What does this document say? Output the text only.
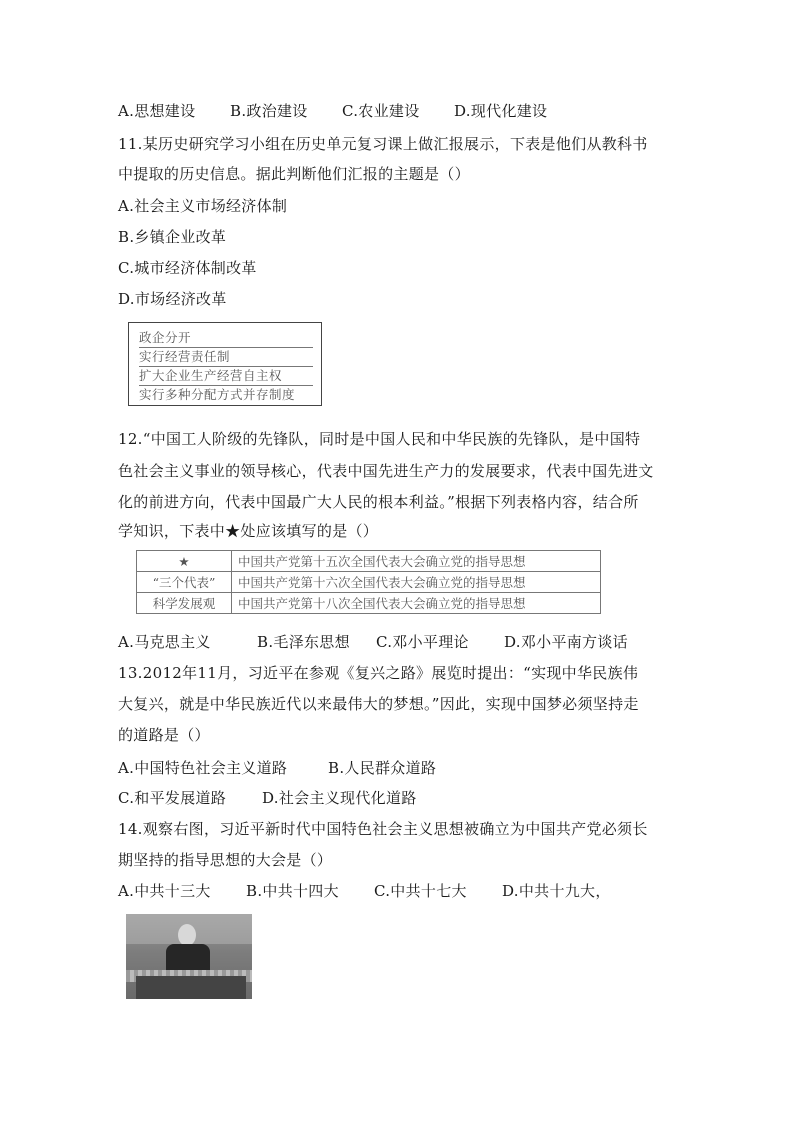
A.思想建设 B.政治建设 C.农业建设 D.现代化建设
11.某历史研究学习小组在历史单元复习课上做汇报展示，下表是他们从教科书
中提取的历史信息。据此判断他们汇报的主题是（）
A.社会主义市场经济体制
B.乡镇企业改革
C.城市经济体制改革
D.市场经济改革
政企分开
实行经营责任制
扩大企业生产经营自主权
实行多种分配方式并存制度
12.“中国工人阶级的先锋队，同时是中国人民和中华民族的先锋队，是中国特
色社会主义事业的领导核心，代表中国先进生产力的发展要求，代表中国先进文
化的前进方向，代表中国最广大人民的根本利益。”根据下列表格内容，结合所
学知识，下表中★处应该填写的是（）
★	中国共产党第十五次全国代表大会确立党的指导思想
“三个代表”	中国共产党第十六次全国代表大会确立党的指导思想
科学发展观	中国共产党第十八次全国代表大会确立党的指导思想
A.马克思主义	B.毛泽东思想 C.邓小平理论 D.邓小平南方谈话
13.2012年11月，习近平在参观《复兴之路》展览时提出：“实现中华民族伟
大复兴，就是中华民族近代以来最伟大的梦想。”因此，实现中国梦必须坚持走
的道路是（）
A.中国特色社会主义道路	B.人民群众道路
C.和平发展道路 D.社会主义现代化道路
14.观察右图，习近平新时代中国特色社会主义思想被确立为中国共产党必须长
期坚持的指导思想的大会是（）
A.中共十三大 B.中共十四大 C.中共十七大 D.中共十九大，
